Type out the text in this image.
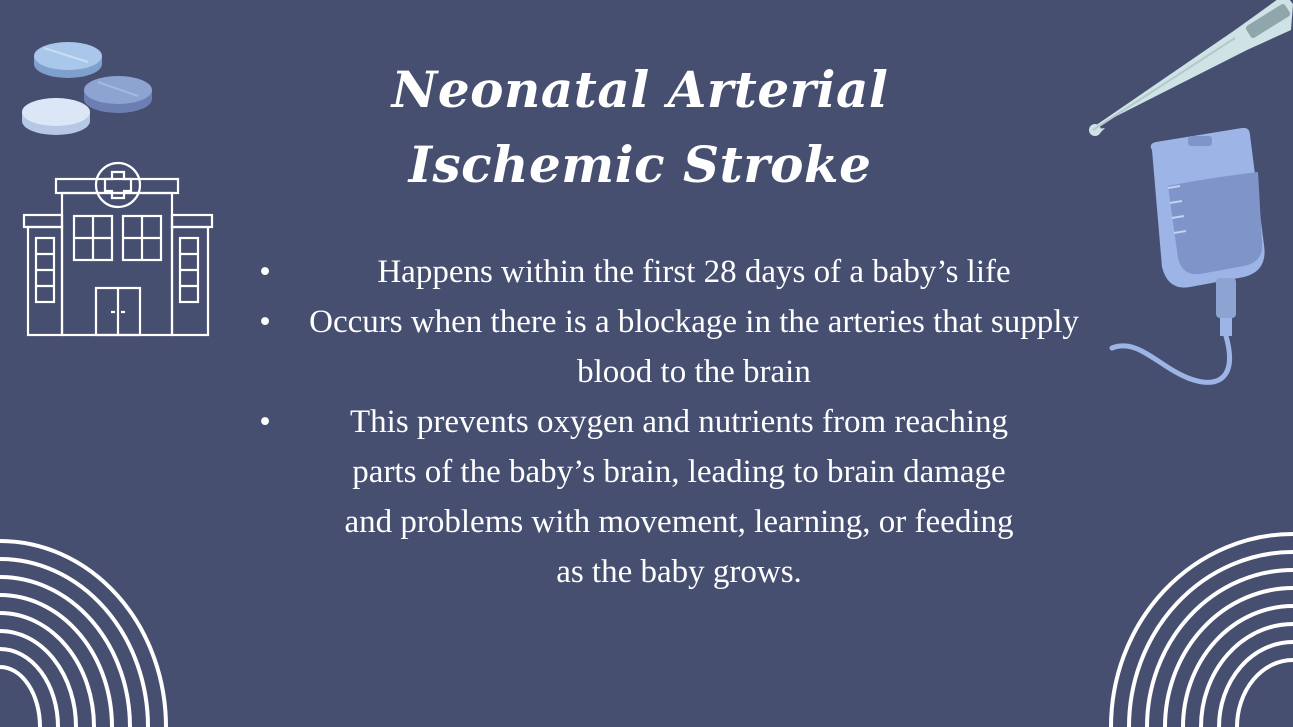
Neonatal Arterial
Ischemic Stroke
•	Happens within the first 28 days of a baby’s life
• Occurs when there is a blockage in the arteries that supply blood to the brain
• This prevents oxygen and nutrients from reaching parts of the baby’s brain, leading to brain damage and problems with movement, learning, or feeding as the baby grows.
